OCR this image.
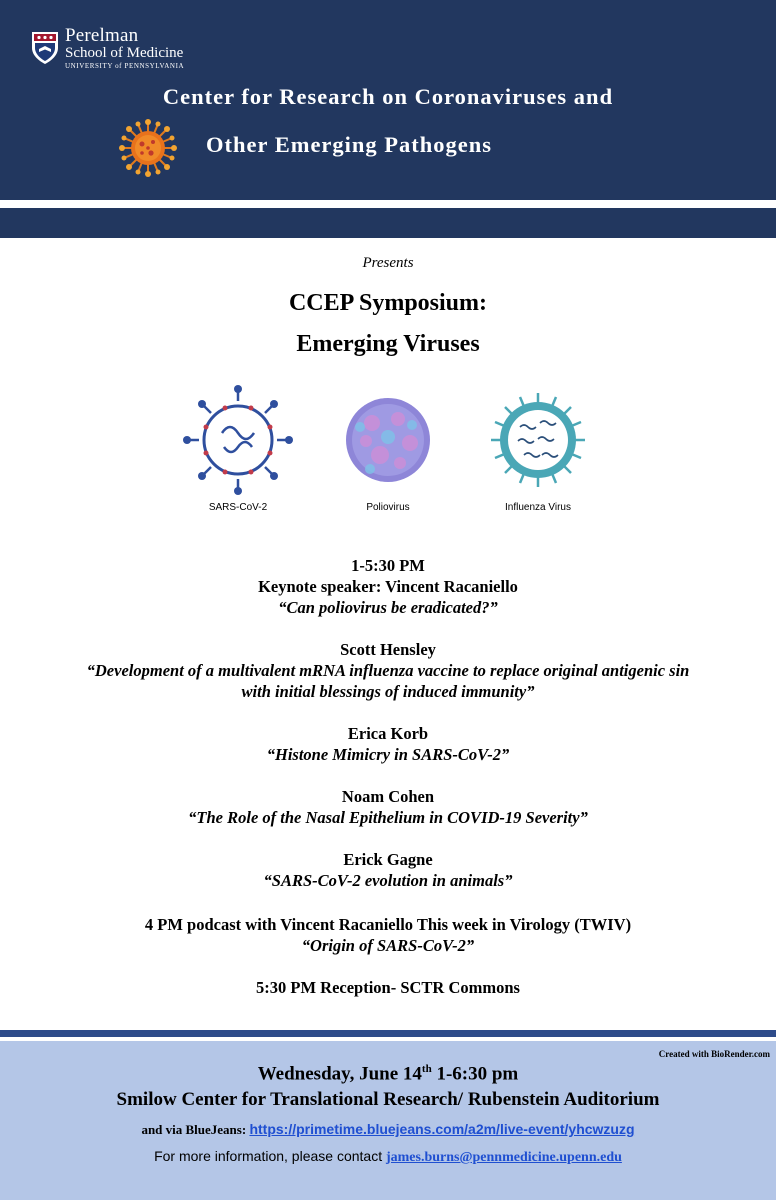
Perelman
School of Medicine
UNIVERSITY of PENNSYLVANIA
Center for Research on Coronaviruses and
Other Emerging Pathogens
Presents
CCEP Symposium:
Emerging Viruses
SARS-CoV-2	Poliovirus	Influenza Virus
1-5:30 PM
Keynote speaker: Vincent Racaniello
“Can poliovirus be eradicated?”
Scott Hensley
“Development of a multivalent mRNA influenza vaccine to replace original antigenic sin
with initial blessings of induced immunity”
Erica Korb
“Histone Mimicry in SARS-CoV-2”
Noam Cohen
“The Role of the Nasal Epithelium in COVID-19 Severity”
Erick Gagne
“SARS-CoV-2 evolution in animals”
4 PM podcast with Vincent Racaniello This week in Virology (TWIV)
“Origin of SARS-CoV-2”
5:30 PM Reception- SCTR Commons
Created with BioRender.com
Wednesday, June 14th 1-6:30 pm
Smilow Center for Translational Research/ Rubenstein Auditorium
and via BlueJeans: https://primetime.bluejeans.com/a2m/live-event/yhcwzuzg
For more information, please contact james.burns@pennmedicine.upenn.edu
